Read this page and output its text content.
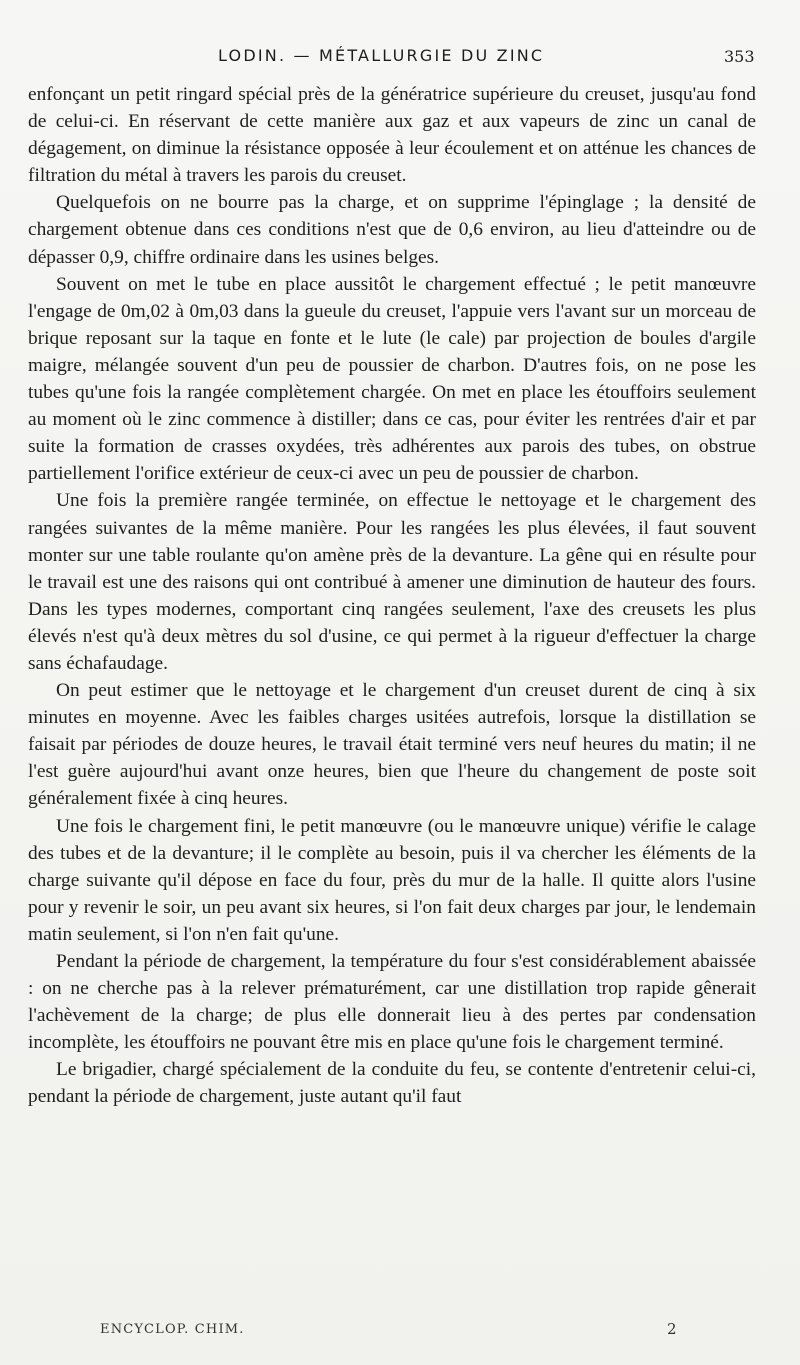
LODIN. — MÉTALLURGIE DU ZINC	353

enfonçant un petit ringard spécial près de la génératrice supérieure du creuset, jusqu'au fond de celui-ci. En réservant de cette manière aux gaz et aux vapeurs de zinc un canal de dégagement, on diminue la résistance opposée à leur écoulement et on atténue les chances de filtration du métal à travers les parois du creuset.

Quelquefois on ne bourre pas la charge, et on supprime l'épinglage ; la densité de chargement obtenue dans ces conditions n'est que de 0,6 environ, au lieu d'atteindre ou de dépasser 0,9, chiffre ordinaire dans les usines belges.

Souvent on met le tube en place aussitôt le chargement effectué ; le petit manœuvre l'engage de 0m,02 à 0m,03 dans la gueule du creuset, l'appuie vers l'avant sur un morceau de brique reposant sur la taque en fonte et le lute (le cale) par projection de boules d'argile maigre, mélangée souvent d'un peu de poussier de charbon. D'autres fois, on ne pose les tubes qu'une fois la rangée complètement chargée. On met en place les étouffoirs seulement au moment où le zinc commence à distiller; dans ce cas, pour éviter les rentrées d'air et par suite la formation de crasses oxydées, très adhérentes aux parois des tubes, on obstrue partiellement l'orifice extérieur de ceux-ci avec un peu de poussier de charbon.

Une fois la première rangée terminée, on effectue le nettoyage et le chargement des rangées suivantes de la même manière. Pour les rangées les plus élevées, il faut souvent monter sur une table roulante qu'on amène près de la devanture. La gêne qui en résulte pour le travail est une des raisons qui ont contribué à amener une diminution de hauteur des fours. Dans les types modernes, comportant cinq rangées seulement, l'axe des creusets les plus élevés n'est qu'à deux mètres du sol d'usine, ce qui permet à la rigueur d'effectuer la charge sans échafaudage.

On peut estimer que le nettoyage et le chargement d'un creuset durent de cinq à six minutes en moyenne. Avec les faibles charges usitées autrefois, lorsque la distillation se faisait par périodes de douze heures, le travail était terminé vers neuf heures du matin; il ne l'est guère aujourd'hui avant onze heures, bien que l'heure du changement de poste soit généralement fixée à cinq heures.

Une fois le chargement fini, le petit manœuvre (ou le manœuvre unique) vérifie le calage des tubes et de la devanture; il le complète au besoin, puis il va chercher les éléments de la charge suivante qu'il dépose en face du four, près du mur de la halle. Il quitte alors l'usine pour y revenir le soir, un peu avant six heures, si l'on fait deux charges par jour, le lendemain matin seulement, si l'on n'en fait qu'une.

Pendant la période de chargement, la température du four s'est considérablement abaissée : on ne cherche pas à la relever prématurément, car une distillation trop rapide gênerait l'achèvement de la charge; de plus elle donnerait lieu à des pertes par condensation incomplète, les étouffoirs ne pouvant être mis en place qu'une fois le chargement terminé.

Le brigadier, chargé spécialement de la conduite du feu, se contente d'entretenir celui-ci, pendant la période de chargement, juste autant qu'il faut

ENCYCLOP. CHIM.	2
